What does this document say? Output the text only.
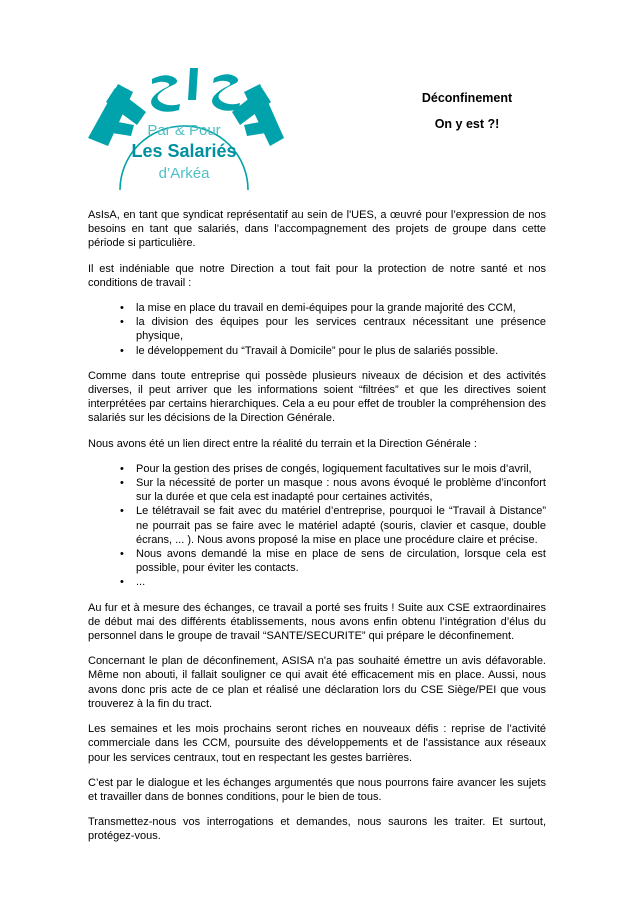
Par & Pour
Les Salariés
d’Arkéa
Déconfinement
On y est ?!

AsIsA, en tant que syndicat représentatif au sein de l'UES, a œuvré pour l’expression de nos besoins en tant que salariés, dans l’accompagnement des projets de groupe dans cette période si particulière.

Il est indéniable que notre Direction a tout fait pour la protection de notre santé et nos conditions de travail :

• la mise en place du travail en demi-équipes pour la grande majorité des CCM,
• la division des équipes pour les services centraux nécessitant une présence physique,
• le développement du “Travail à Domicile” pour le plus de salariés possible.

Comme dans toute entreprise qui possède plusieurs niveaux de décision et des activités diverses, il peut arriver que les informations soient “filtrées” et que les directives soient interprétées par certains hierarchiques. Cela a eu pour effet de troubler la compréhension des salariés sur les décisions de la Direction Générale.

Nous avons été un lien direct entre la réalité du terrain et la Direction Générale :

• Pour la gestion des prises de congés, logiquement facultatives sur le mois d’avril,
• Sur la nécessité de porter un masque : nous avons évoqué le problème d’inconfort sur la durée et que cela est inadapté pour certaines activités,
• Le télétravail se fait avec du matériel d’entreprise, pourquoi le “Travail à Distance” ne pourrait pas se faire avec le matériel adapté (souris, clavier et casque, double écrans, ... ). Nous avons proposé la mise en place une procédure claire et précise.
• Nous avons demandé la mise en place de sens de circulation, lorsque cela est possible, pour éviter les contacts.
• ...

Au fur et à mesure des échanges, ce travail a porté ses fruits ! Suite aux CSE extraordinaires de début mai des différents établissements, nous avons enfin obtenu l’intégration d’élus du personnel dans le groupe de travail “SANTE/SECURITE” qui prépare le déconfinement.

Concernant le plan de déconfinement, ASISA n'a pas souhaité émettre un avis défavorable. Même non abouti, il fallait souligner ce qui avait été efficacement mis en place. Aussi, nous avons donc pris acte de ce plan et réalisé une déclaration lors du CSE Siège/PEI que vous trouverez à la fin du tract.

Les semaines et les mois prochains seront riches en nouveaux défis : reprise de l’activité commerciale dans les CCM, poursuite des développements et de l'assistance aux réseaux pour les services centraux, tout en respectant les gestes barrières.

C’est par le dialogue et les échanges argumentés que nous pourrons faire avancer les sujets et travailler dans de bonnes conditions, pour le bien de tous.

Transmettez-nous vos interrogations et demandes, nous saurons les traiter. Et surtout, protégez-vous.
